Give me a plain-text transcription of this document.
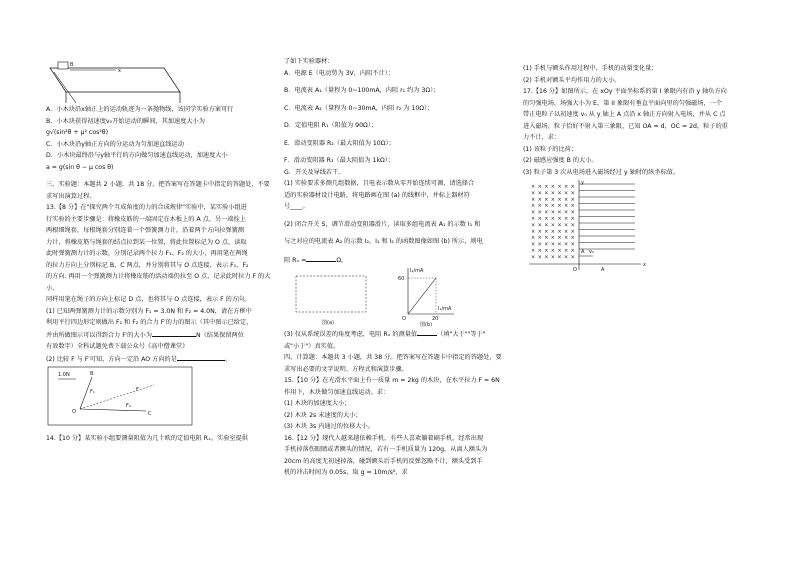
B
x

A．小木块沿x轴正上的运动轨迹为一条抛物线，该同学实验方案可行

B．小木块获得初速度v₀开始运动的瞬间，其加速度大小为

g√(sin²θ + μ² cos²θ)

C．小木块沿y轴正方向的分运动为匀加速直线运动

D．小木块最终沿与y轴平行的方向做匀加速直线运动，加速度大小

a = g(sin θ − μ cos θ)

三、实验题：本题共 2 小题，共 18 分。把答案写在答题卡中指定的答题处，不要求写出演算过程。

13.【8 分】在"探究两个互成角度的力的合成规律"实验中，某实验小组进

行实验的主要步骤是：将橡皮筋的一端固定在木板上的 A 点，另一端拴上

两根细绳套，每根绳套分别连着一个弹簧测力计，沿着两个方向拉弹簧测

力计，将橡皮筋与绳套的结点拉到某一位置，将此位置标记为 O 点，读取

此时弹簧测力计的示数，分别记录两个拉力 F₁、F₂ 的大小，再用笔在两绳

的拉力方向上分别标记 B、C 两点，并分别将其与 O 点连接，表示 F₁、F₂

的方向. 再用一个弹簧测力计将橡皮筋的活动端仍拉至 O 点，记录此时拉力 F 的大小，

同样用笔在绳子的方向上标记 D 点，也将其与 O 点连接，表示 F 的方向。

(1) 已知两弹簧测力计的示数分别为 F₁ = 3.0N 和 F₂ = 4.0N，请在方框中

利用平行四边形定则做出 F₁ 和 F₂ 的合力 F′的力的图示（其中图示已给定，

并由所做图示可以得到合力 F′的大小为	N（结果保留两位

有效数字）全科试题免费下载公众号《高中僧课堂》

(2) 比较 F 与 F′可知，方向一定沿 AO 方向的是	。

1.0N	B
F₁
O
F
F₂
C

14.【10 分】某实验小组要测量阻值为几十欧的定值电阻 Rₓ，实验室提供

了如下实验器材：

A．电源 E（电动势为 3V，内阻不计）；

B．电流表 A₁（量程为 0~100mA，内阻 r₁ 约为 3Ω）；

C．电流表 A₂（量程为 0~30mA，内阻 r₂ 为 10Ω）；

D．定值电阻 R₁（阻值为 90Ω）；

E．滑动变阻器 R₂（最大阻值为 10Ω）；

F．滑动变阻器 R₃（最大阻值为 1kΩ）；

G．开关及导线若干。

(1) 实验要求多测几组数据，且电表示数从零开始连续可调，请选择合

适的实验器材设计电路，将电路画在图 (a) 的线框中，并标上器材符

号____。

(2) 闭合开关 S，调节滑动变阻器滑片，读取多组电流表 A₁ 的示数 I₁ 和

与之对应的电流表 A₂ 的示数 I₂，I₁ 和 I₂ 的函数图像如图 (b) 所示，则电

阻 Rₓ =	Ω。

图(a)
I₂/mA
I₁/mA
60
20
O
图(b)

(3) 仅从系统误差的角度考虑，电阻 Rₓ 的测量值	（填"大于""等于"

或"小于"）真实值。

四、计算题：本题共 3 小题，共 38 分。把答案写在答题卡中指定的答题处，要求写出必要的文字说明、方程式和演算步骤。

15.【10 分】在光滑水平面上有一质量 m = 2kg 的木块，在水平拉力 F = 6N

作用下，木块做匀加速直线运动。求：

(1) 木块的加速度大小；

(2) 木块 2s 末速度的大小；

(3) 木块 3s 内通过的位移大小。

16.【12 分】现代人越来越依赖手机，有些人喜欢躺着刷手机，经常出现

手机掉落伤眼睛或者额头的情况，若有一手机质量为 120g，从离人额头为

20cm 的高度无初速掉落，碰到额头后手机的反弹忽略不计，额头受到手

机的冲击时间为 0.05s，取 g = 10m/s²，求

(1) 手机与额头作用过程中，手机的动量变化量；

(2) 手机对额头平均作用力的大小。

17.【16 分】如图所示，在 xOy 平面坐标系的第 I 象限内有沿 y 轴负方向

的匀强电场，场强大小为 E，第 II 象限有垂直平面向里的匀强磁场，一个

带正电粒子以初速度 v₀ 从 y 轴上 A 点沿 x 轴正方向射入电场，并从 C 点

进入磁场，粒子恰好不射入第三象限，已知 OA = d，OC = 2d，粒子的重

力不计，求：

(1) 该粒子的比荷；

(2) 磁感应强度 B 的大小。

(3) 粒子第 3 次从电场进入磁场经过 y 轴时的纵坐标值。

× × × × × × ×
× × × × × × ×
× × × × × × ×
× × × × × × ×
× × × × × × ×
× × × × × × ×
× × × × × × ×
× × × × × × ×
× × × × × × ×
× × × × × × ×
× × × × × × ×
× × × × × × ×
y
A v₀
O	A
x
